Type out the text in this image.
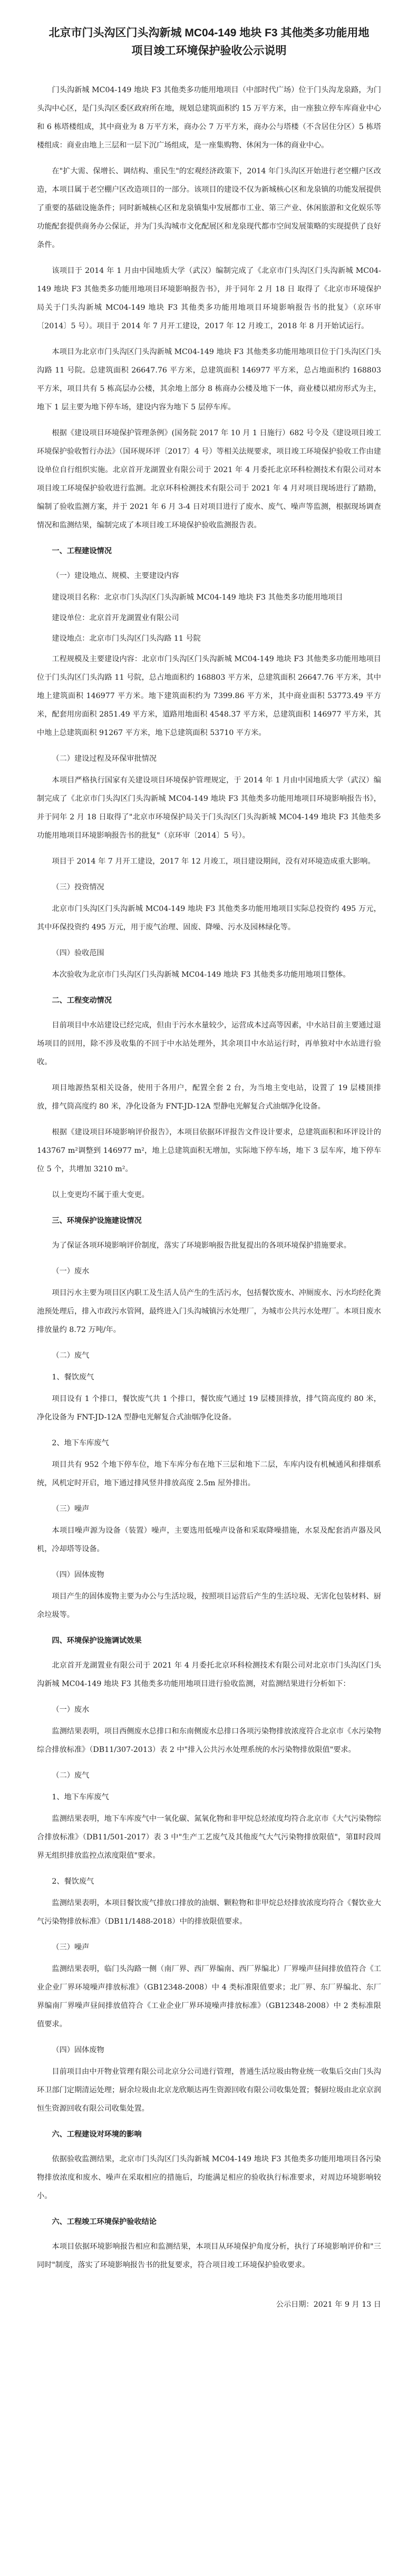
北京市门头沟区门头沟新城 MC04-149 地块 F3 其他类多功能用地项目竣工环境保护验收公示说明
门头沟新城 MC04-149 地块 F3 其他类多功能用地项目（中部时代广场）位于门头沟龙泉路，为门头沟中心区，是门头沟区委区政府所在地，规划总建筑面积约 15 万平方米，由一座独立停车库商业中心和 6 栋塔楼组成，其中商业为 8 万平方米，商办公 7 万平方米，商办公与塔楼（不含居住分区）5 栋塔楼组成：商业由地上三层和一层下沉广场组成，是一座集购物、休闲为一体的商业中心。
在"扩大需、保增长、调结构、重民生"的宏观经济政策下，2014 年门头沟区开始进行老空棚户区改造，本项目属于老空棚户区改造项目的一部分。该项目的建设不仅为新城核心区和龙泉镇的功能发展提供了重要的基础设施条件；同时新城核心区和龙泉镇集中发展都市工业、第三产业、休闲旅游和文化娱乐等功能配套提供商务办公保证，并为门头沟城市文化配展区和龙泉现代都市空间发展策略的实现提供了良好条件。
该项目于 2014 年 1 月由中国地质大学（武汉）编制完成了《北京市门头沟区门头沟新城 MC04-149 地块 F3 其他类多功能用地项目环境影响报告书》，并于同年 2 月 18 日 取得了《北京市环境保护局关于门头沟新城 MC04-149 地块 F3 其他类多功能用地项目环境影响报告书的批复》（京环审〔2014〕5 号）。项目于 2014 年 7 月开工建设，2017 年 12 月竣工，2018 年 8 月开始试运行。
本项目为北京市门头沟区门头沟新城 MC04-149 地块 F3 其他类多功能用地项目位于门头沟区门头沟路 11 号院。总建筑面积 26647.76 平方米，总建筑面积 146977 平方米，总占地面积约 168803 平方米，项目共有 5 栋高层办公楼，其余地上部分 8 栋商办公楼及地下一体，商业楼以裙房形式为主，地下 1 层主要为地下停车场，建设内容为地下 5 层停车库。
根据《建设项目环境保护管理条例》(国务院 2017 年 10 月 1 日施行）682 号令及《建设项目竣工环境保护验收暂行办法》（国环规环评〔2017〕4 号）等相关法规要求，项目竣工环境保护验收工作由建设单位自行组织实施。北京首开龙湖置业有限公司于 2021 年 4 月委托北京环科检测技术有限公司对本项目竣工环境保护验收进行监测。北京环科检测技术有限公司于 2021 年 4 月对项目现场进行了踏勘，编制了验收监测方案，并于 2021 年 6 月 3-4 日对项目进行了废水、废气、噪声等监测，根据现场调查情况和监测结果，编制完成了本项目竣工环境保护验收监测报告表。
一、工程建设情况
（一）建设地点、规模、主要建设内容
建设项目名称：北京市门头沟区门头沟新城 MC04-149 地块 F3 其他类多功能用地项目
建设单位：北京首开龙湖置业有限公司
建设地点：北京市门头沟区门头沟路 11 号院
工程规模及主要建设内容：北京市门头沟区门头沟新城 MC04-149 地块 F3 其他类多功能用地项目位于门头沟区门头沟路 11 号院，总占地面积约 168803 平方米，总建筑面积 26647.76 平方米，其中地上建筑面积 146977 平方米。地下建筑面积约为 7399.86 平方米，其中商业面积 53773.49 平方米，配套用房面积 2851.49 平方米，道路用地面积 4548.37 平方米，总建筑面积 146977 平方米，其中地上总建筑面积 91267 平方米，地下总建筑面积 53710 平方米。
（二）建设过程及环保审批情况
本项目严格执行国家有关建设项目环境保护管理规定，于 2014 年 1 月由中国地质大学（武汉）编制完成了《北京市门头沟区门头沟新城 MC04-149 地块 F3 其他类多功能用地项目环境影响报告书》，并于同年 2 月 18 日取得了"北京市环境保护局关于门头沟区门头沟新城 MC04-149 地块 F3 其他类多功能用地项目环境影响报告书的批复"（京环审〔2014〕5 号）。
项目于 2014 年 7 月开工建设，2017 年 12 月竣工，项目建设期间，没有对环境造成重大影响。
（三）投资情况
北京市门头沟区门头沟新城 MC04-149 地块 F3 其他类多功能用地项目实际总投资约 495 万元，其中环保投资约 495 万元，用于废气治理、固废、降噪、污水及园林绿化等。
（四）验收范围
本次验收为北京市门头沟区门头沟新城 MC04-149 地块 F3 其他类多功能用地项目整体。
二、工程变动情况
目前项目中水站建设已经完成，但由于污水水量较少，运营成本过高等因素，中水站目前主要通过退场项目的回用，除不涉及收集的不回于中水站处理外，其余项目中水站运行时，再单独对中水站进行验收。
项目地源热泵相关设备，使用于各用户，配置全套 2 台，为当地主变电站，设置了 19 层楼顶排放，排气筒高度约 80 米，净化设备为 FNT-JD-12A 型静电光解复合式油烟净化设备。
根据《建设项目环境影响评价报告》，本项目依据环评报告文件设计要求，总建筑面积和环评设计的 143767 m²调整到 146977 m²，地上总建筑面积无增加，实际地下停车场，地下 3 层车库，地下停车位 5 个，共增加 3210 m²。
以上变更均不属于重大变更。
三、环境保护设施建设情况
为了保证各项环境影响评价制度，落实了环境影响报告批复提出的各项环境保护措施要求。
（一）废水
项目污水主要为项目区内职工及生活人员产生的生活污水，包括餐饮废水、冲厕废水、污水均经化粪池预处理后，排入市政污水管网，最终进入门头沟城镇污水处理厂，为城市公共污水处理厂。本项目废水排放量约 8.72 万吨/年。
（二）废气
1、餐饮废气
项目设有 1 个排口，餐饮废气共 1 个排口，餐饮废气通过 19 层楼顶排放，排气筒高度约 80 米，净化设备为 FNT-JD-12A 型静电光解复合式油烟净化设备。
2、地下车库废气
项目共有 952 个地下停车位，地下车库分布在地下三层和地下二层，车库内设有机械通风和排烟系统，风机定时开启，地下通过排风竖井排放高度 2.5m 屋外排出。
（三）噪声
本项目噪声源为设备（装置）噪声，主要选用低噪声设备和采取降噪措施，水泵及配套消声器及风机，冷却塔等设备。
（四）固体废物
项目产生的固体废物主要为办公与生活垃圾，按照项目运营后产生的生活垃圾、无害化包装材料、厨余垃圾等。
四、环境保护设施调试效果
北京首开龙湖置业有限公司于 2021 年 4 月委托北京环科检测技术有限公司对北京市门头沟区门头沟新城 MC04-149 地块 F3 其他类多功能用地项目进行验收监测，对监测结果进行分析如下：
（一）废水
监测结果表明，项目西侧废水总排口和东南侧废水总排口各项污染物排放浓度符合北京市《水污染物综合排放标准》（DB11/307-2013）表 2 中"排入公共污水处理系统的水污染物排放限值"要求。
（二）废气
1、地下车库废气
监测结果表明，地下车库废气中一氧化碳、氮氧化物和非甲烷总烃浓度均符合北京市《大气污染物综合排放标准》（DB11/501-2017）表 3 中"生产工艺废气及其他废气大气污染物排放限值"，第Ⅱ时段周界无组织排放监控点浓度限值"要求。
2、餐饮废气
监测结果表明，本项目餐饮废气排放口排放的油烟、颗粒物和非甲烷总烃排放浓度均符合《餐饮业大气污染物排放标准》（DB11/1488-2018）中的排放限值要求。
（三）噪声
监测结果表明，临门头沟路一侧（南厂界、西厂界编南、西厂界编北）厂界噪声昼间排放值符合《工业企业厂界环境噪声排放标准》（GB12348-2008）中 4 类标准限值要求；北厂界、东厂界编北、东厂界编南厂界噪声昼间排放值符合《工业企业厂界环境噪声排放标准》（GB12348-2008）中 2 类标准限值要求。
（四）固体废物
目前项目由中开物业管理有限公司北京分公司进行管理，普通生活垃圾由物业统一收集后交由门头沟环卫部门定期清运处理；厨余垃圾由北京龙欣顺达再生资源回收有限公司收集处置；餐厨垃圾由北京京润恒生资源回收有限公司收集处置。
六、工程建设对环境的影响
依据验收监测结果，北京市门头沟区门头沟新城 MC04-149 地块 F3 其他类多功能用地项目各污染物排放浓度和废水、噪声在采取相应的措施后，均能满足相应的验收执行标准要求，对周边环境影响较小。
六、工程竣工环境保护验收结论
本项目依据环境影响报告相应和监测结果，本项目从环境保护角度分析，执行了环境影响评价和"三同时"制度，落实了环境影响报告书的批复要求，符合项目竣工环境保护验收要求。
公示日期：2021 年 9 月 13 日
